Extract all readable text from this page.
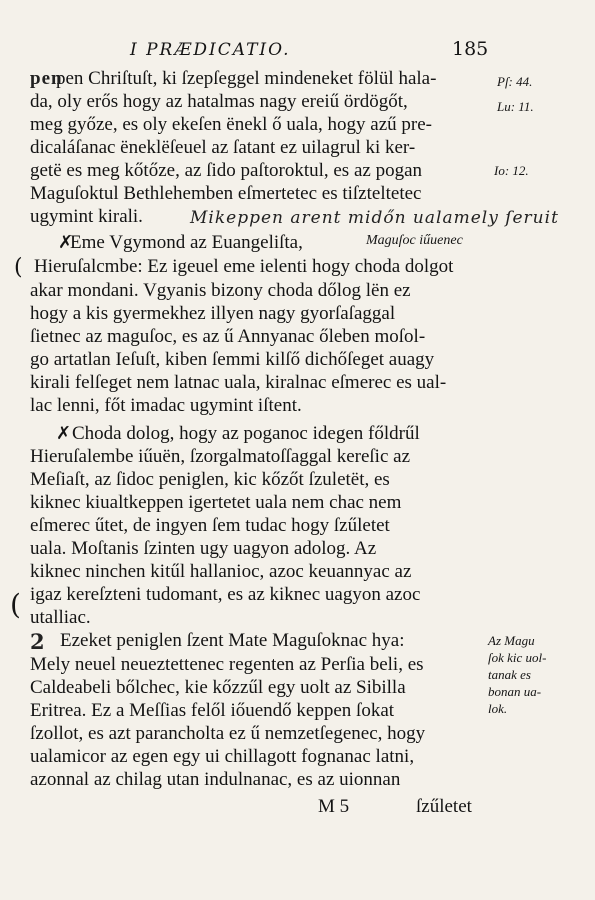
I PRÆDICATIO.	185
pen Chriſtuſt, ki ſzepſeggel mindeneket fölül hala-
da, oly erős hogy az hatalmas nagy ereiű ördögőt,
meg győze, es oly ekeſen ënekl ő uala, hogy azű pre-
dicaláſanac ëneklëſeuel az ſatant ez uilagrul ki ker-
getë es meg kőtőze, az ſido paſtoroktul, es az pogan
Maguſoktul Bethlehemben eſmertetec es tiſzteltetec
ugymint kirali.
Eme Vgymond az Euangeliſta,
Hieruſalcmbe: Ez igeuel eme ielenti hogy choda dolgot
akar mondani. Vgyanis bizony choda dőlog lën ez
hogy a kis gyermekhez illyen nagy gyorſaſaggal
ſietnec az maguſoc, es az ű Annyanac őleben moſol-
go artatlan Ieſuſt, kiben ſemmi kilſő dichőſeget auagy
kirali felſeget nem latnac uala, kiralnac eſmerec es ual-
lac lenni, főt imadac ugymint iſtent.
Choda dolog, hogy az poganoc idegen főldrűl
Hieruſalembe iűuën, ſzorgalmatoſſaggal kereſic az
Meſiaſt, az ſidoc peniglen, kic kőzőt ſzuletët, es
kiknec kiualtkeppen igertetet uala nem chac nem
eſmerec űtet, de ingyen ſem tudac hogy ſzűletet
uala. Moſtanis ſzinten ugy uagyon adolog. Az
kiknec ninchen kitűl hallanioc, azoc keuannyac az
igaz kereſzteni tudomant, es az kiknec uagyon azoc
utalliac.
Ezeket peniglen ſzent Mate Maguſoknac hya:
Mely neuel neueztettenec regenten az Perſia beli, es
Caldeabeli bőlchec, kie kőzzűl egy uolt az Sibilla
Eritrea. Ez a Meſſias felől iőuendő keppen ſokat
ſzollot, es azt parancholta ez ű nemzetſegenec, hogy
ualamicor az egen egy ui chillagott fognanac latni,
azonnal az chilag utan indulnanac, es az uionnan
pen
Mikeppen arent midőn ualamely ſeruit
2
✗
✗
(
(
Pſ: 44.
Lu: 11.
Io: 12.
Maguſoc iűuenec
Az Magu
ſok kic uol-
tanak es
bonan ua-
lok.
M 5	ſzűletet
